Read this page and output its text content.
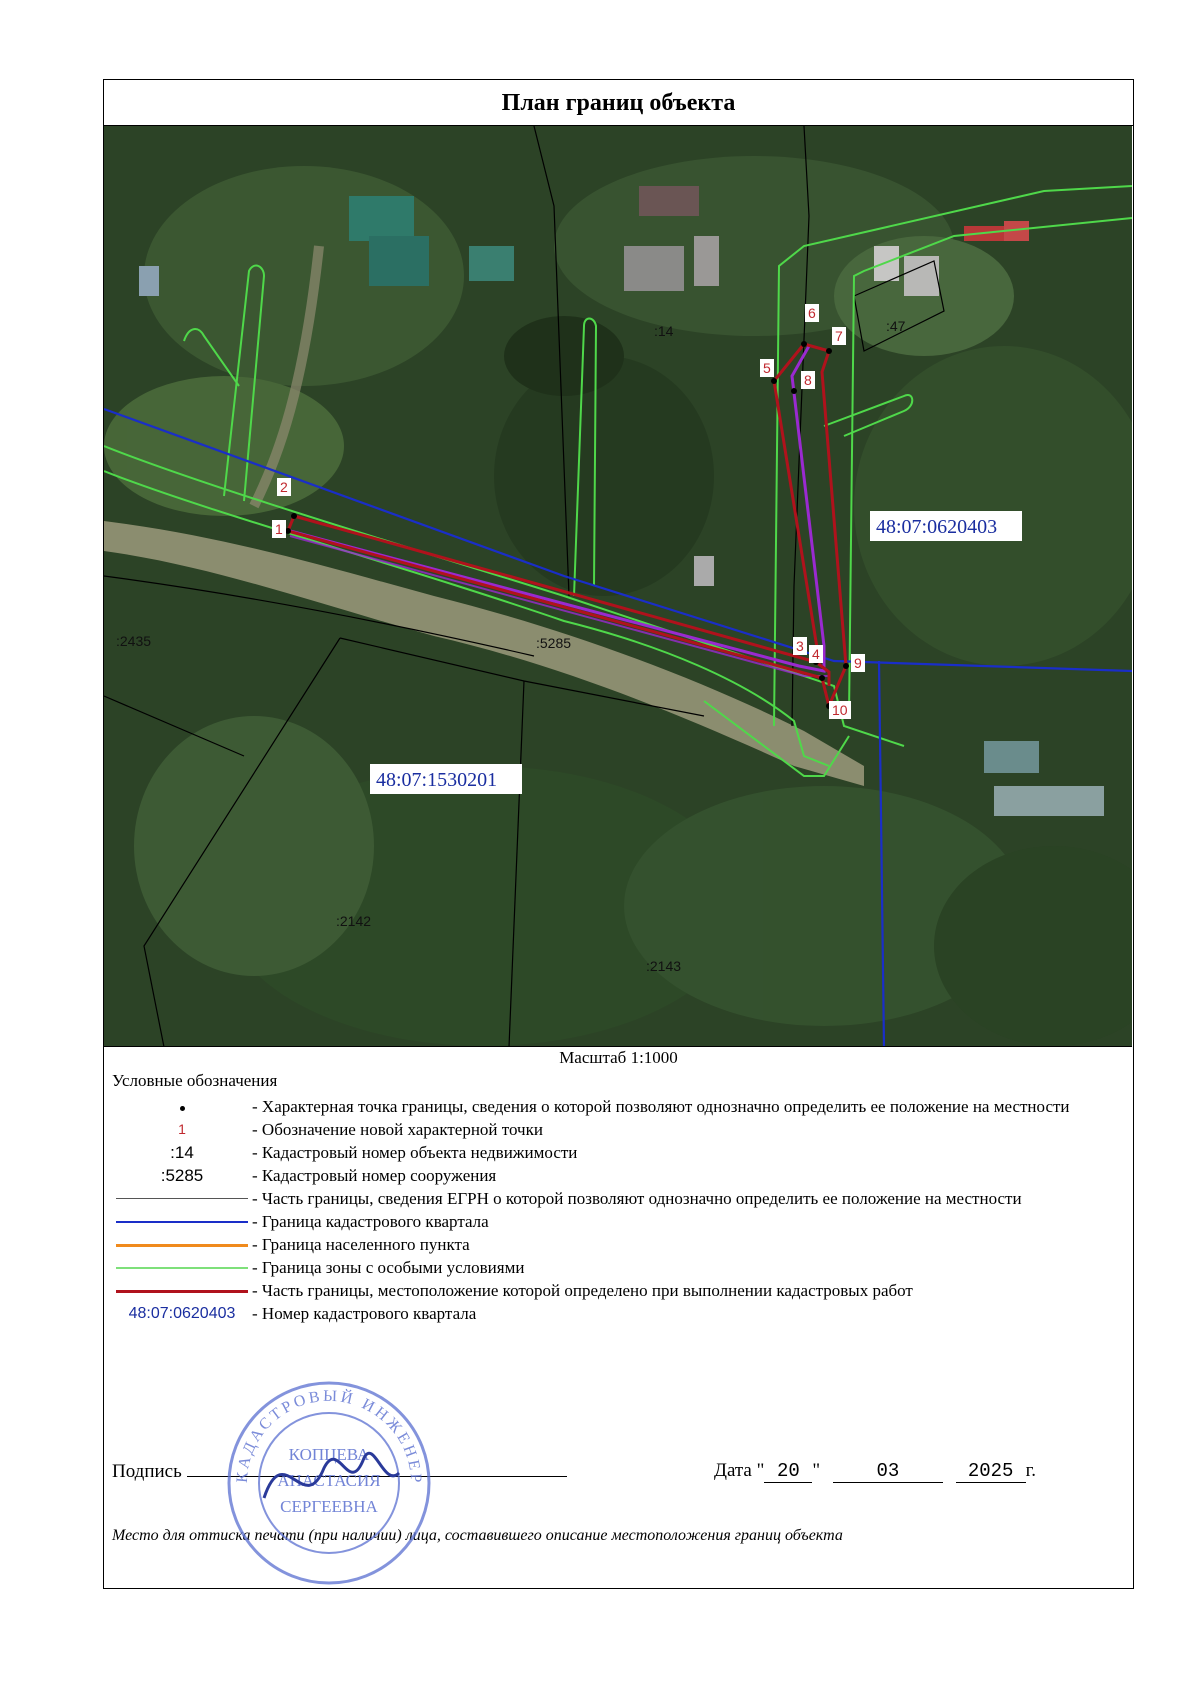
План границ объекта
1
2
3 4
5
6
7
8
9
10
:14	:47
:2435	:5285
:2142
:2143
48:07:0620403
48:07:1530201
Масштаб 1:1000
Условные обозначения
- Характерная точка границы, сведения о которой позволяют однозначно определить ее положение на местности
1	- Обозначение новой характерной точки
:14	- Кадастровый номер объекта недвижимости
:5285	- Кадастровый номер сооружения
- Часть границы, сведения ЕГРН о которой позволяют однозначно определить ее положение на местности
- Граница кадастрового квартала
- Граница населенного пункта
- Граница зоны с особыми условиями
- Часть границы, местоположение которой определено при выполнении кадастровых работ
48:07:0620403 - Номер кадастрового квартала
Подпись	Дата " 20 "	03	2025 г.
Место для оттиска печати (при наличии) лица, составившего описание местоположения границ объекта
КАДАСТРОВЫЙ ИНЖЕНЕР
КОПЦЕВА
АНАСТАСИЯ
СЕРГЕЕВНА
